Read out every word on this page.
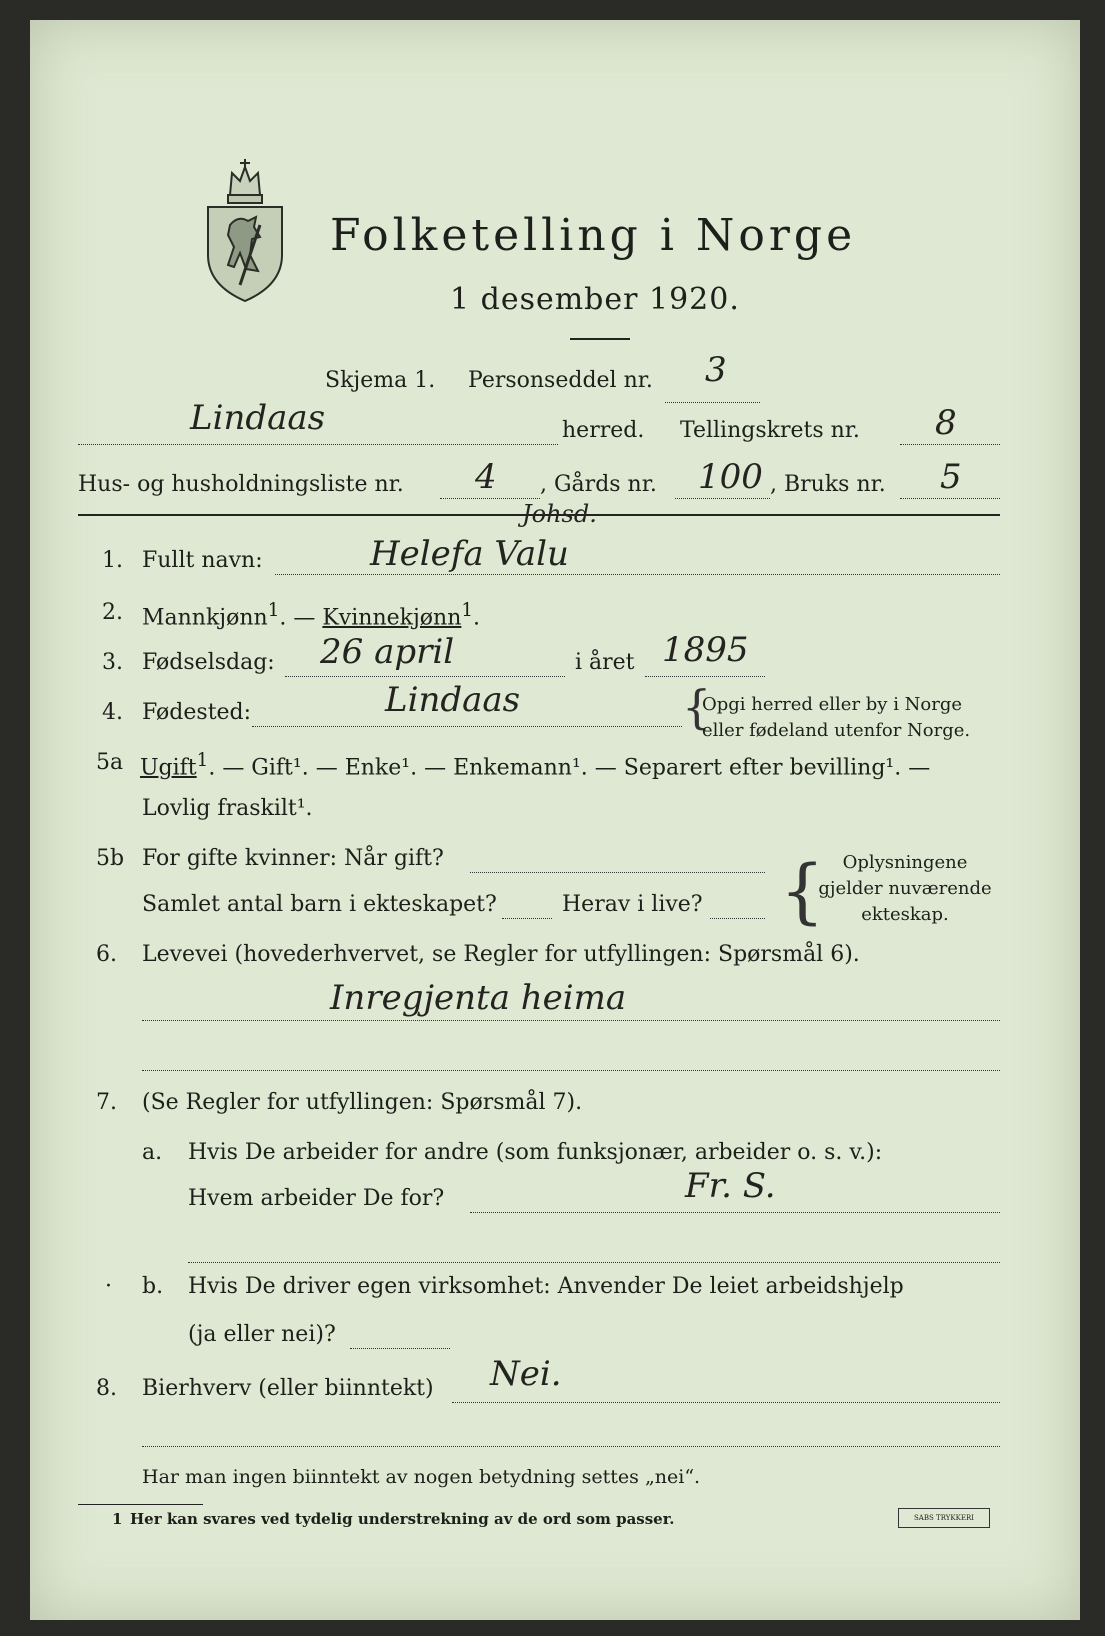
Folketelling i Norge
1 desember 1920.
Skjema 1. Personseddel nr. 3
Lindaas	herred. Tellingskrets nr. 8
Hus- og husholdningsliste nr. 4 , Gårds nr. 100 , Bruks nr. 5
1. Fullt navn:	Helefa Valu
Johsd.
2. Mannkjønn$^1$. — Kvinnekjønn$^1$.
3. Fødselsdag: 26 april	i året 1895
4. Fødested:	Lindaas	{
Opgi herred eller by i Norge
eller fødeland utenfor Norge.
5a Ugift$^1$. — Gift¹. — Enke¹. — Enkemann¹. — Separert efter bevilling¹. —
Lovlig fraskilt¹.
5b For gifte kvinner: Når gift?
Samlet antal barn i ekteskapet?	Herav i live? {	Oplysningene
gjelder nuværende
ekteskap.
6. Levevei (hovederhvervet, se Regler for utfyllingen: Spørsmål 6).
Inregjenta heima
7. (Se Regler for utfyllingen: Spørsmål 7).
a. Hvis De arbeider for andre (som funksjonær, arbeider o. s. v.):
Hvem arbeider De for?	Fr. S.
· b. Hvis De driver egen virksomhet: Anvender De leiet arbeidshjelp
(ja eller nei)?
8. Bierhverv (eller biinntekt) Nei.
Har man ingen biinntekt av nogen betydning settes „nei“.
1 Her kan svares ved tydelig understrekning av de ord som passer.	SABS TRYKKERI
